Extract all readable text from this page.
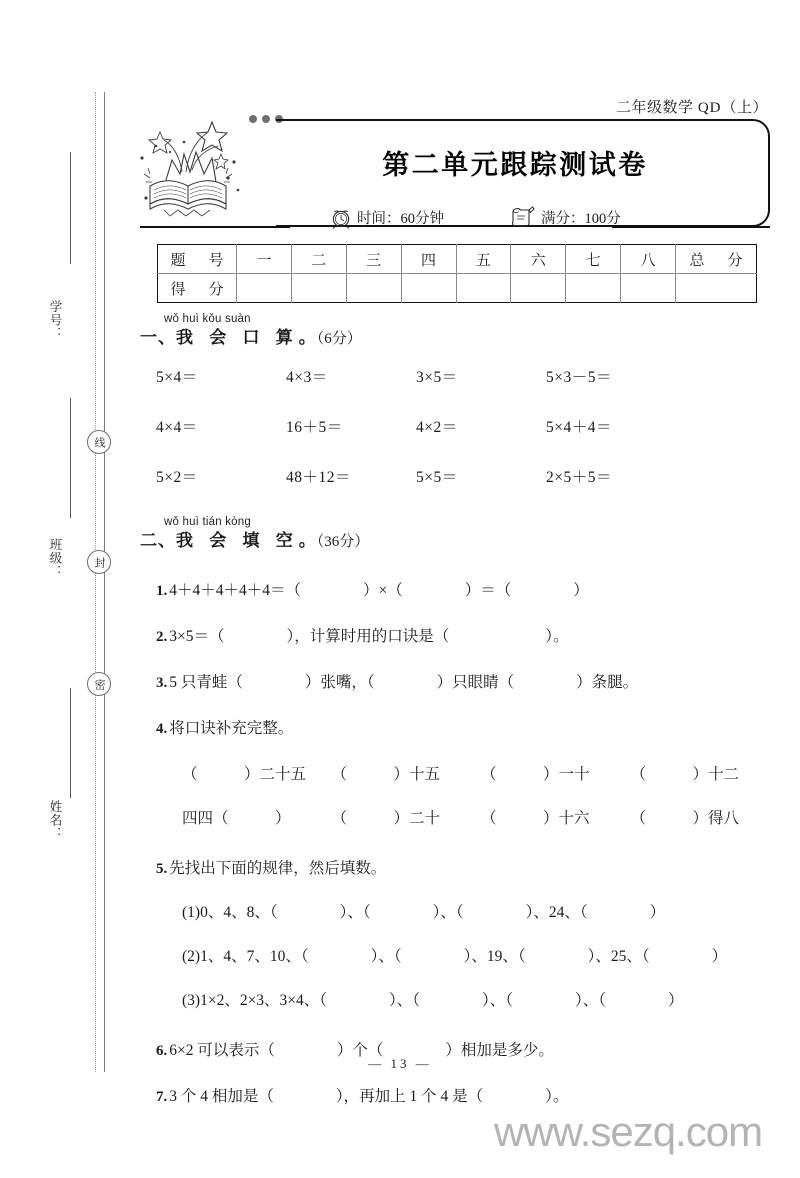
学号：
线
班级：	封
密
姓名：
二年级数学 QD（上）
第二单元跟踪测试卷
时间：60分钟	满分：100分
题　号	一	二	三	四	五	六	七	八	总　分
得　分									
wǒ huì kǒu suàn
一、我 会 口 算。（6分）
5×4＝	4×3＝	3×5＝	5×3－5＝
4×4＝	16＋5＝	4×2＝	5×4＋4＝
5×2＝	48＋12＝	5×5＝	2×5＋5＝
wǒ huì tián kòng
二、我 会 填 空。（36分）
1. 4＋4＋4＋4＋4＝（	）×（	）＝（	）
2. 3×5＝（	），计算时用的口诀是（	）。
3. 5 只青蛙（	）张嘴，（	）只眼睛（	）条腿。
4. 将口诀补充完整。
（　　　）二十五	（　　　）十五	（　　　）一十	（　　　）十二
四四（　　　）	（　　　）二十	（　　　）十六	（　　　）得八
5. 先找出下面的规律，然后填数。
(1)0、4、8、（　　　　）、（　　　　）、（　　　　）、24、（　　　　）
(2)1、4、7、10、（　　　　）、（　　　　）、19、（　　　　）、25、（　　　　）
(3)1×2、2×3、3×4、（　　　　）、（　　　　）、（　　　　）、（　　　　）
6. 6×2 可以表示（	）个（	）相加是多少。
7. 3 个 4 相加是（	），再加上 1 个 4 是（	）。
— 13 —
www.sezq.com
